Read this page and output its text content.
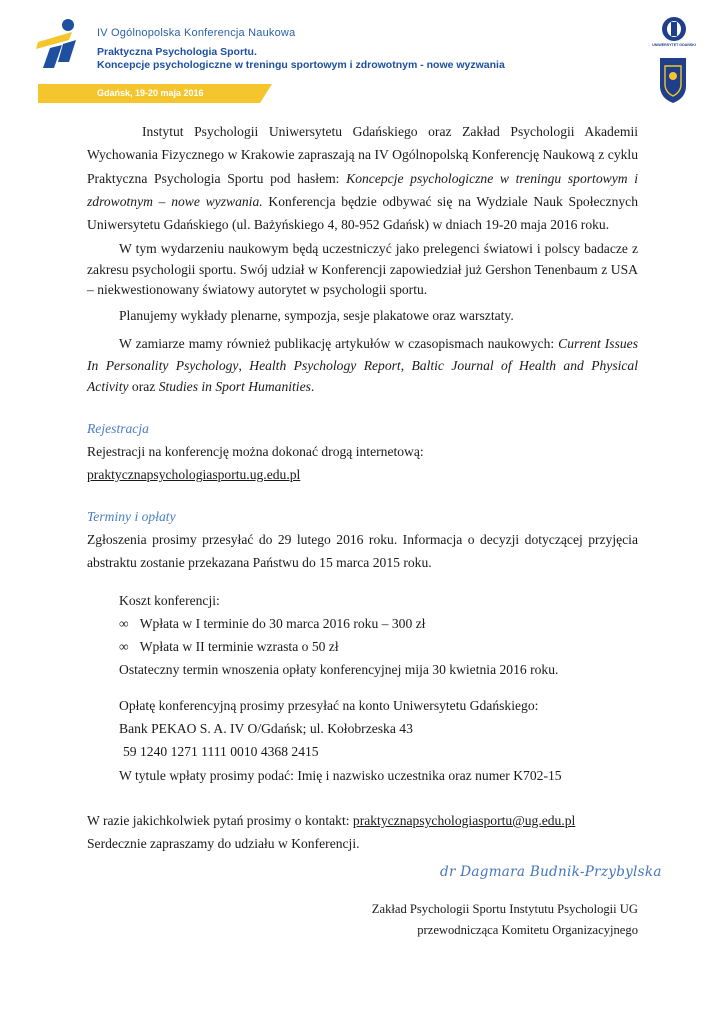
IV Ogólnopolska Konferencja Naukowa
Praktyczna Psychologia Sportu.
Koncepcje psychologiczne w treningu sportowym i zdrowotnym - nowe wyzwania
Gdańsk, 19-20 maja 2016
UNIWERSYTET GDAŃSKI

Instytut Psychologii Uniwersytetu Gdańskiego oraz Zakład Psychologii Akademii Wychowania Fizycznego w Krakowie zapraszają na IV Ogólnopolską Konferencję Naukową z cyklu Praktyczna Psychologia Sportu pod hasłem: Koncepcje psychologiczne w treningu sportowym i zdrowotnym – nowe wyzwania. Konferencja będzie odbywać się na Wydziale Nauk Społecznych Uniwersytetu Gdańskiego (ul. Bażyńskiego 4, 80-952 Gdańsk) w dniach 19-20 maja 2016 roku.

W tym wydarzeniu naukowym będą uczestniczyć jako prelegenci światowi i polscy badacze z zakresu psychologii sportu. Swój udział w Konferencji zapowiedział już Gershon Tenenbaum z USA – niekwestionowany światowy autorytet w psychologii sportu.

Planujemy wykłady plenarne, sympozja, sesje plakatowe oraz warsztaty.

W zamiarze mamy również publikację artykułów w czasopismach naukowych: Current Issues In Personality Psychology, Health Psychology Report, Baltic Journal of Health and Physical Activity oraz Studies in Sport Humanities.

Rejestracja

Rejestracji na konferencję można dokonać drogą internetową:

praktycznapsychologiasportu.ug.edu.pl

Terminy i opłaty

Zgłoszenia prosimy przesyłać do 29 lutego 2016 roku. Informacja o decyzji dotyczącej przyjęcia abstraktu zostanie przekazana Państwu do 15 marca 2015 roku.

Koszt konferencji:

∞ Wpłata w I terminie do 30 marca 2016 roku – 300 zł
∞ Wpłata w II terminie wzrasta o 50 zł

Ostateczny termin wnoszenia opłaty konferencyjnej mija 30 kwietnia 2016 roku.

Opłatę konferencyjną prosimy przesyłać na konto Uniwersytetu Gdańskiego:

Bank PEKAO S. A. IV O/Gdańsk; ul. Kołobrzeska 43

59 1240 1271 1111 0010 4368 2415

W tytule wpłaty prosimy podać: Imię i nazwisko uczestnika oraz numer K702-15

W razie jakichkolwiek pytań prosimy o kontakt: praktycznapsychologiasportu@ug.edu.pl

Serdecznie zapraszamy do udziału w Konferencji.

dr Dagmara Budnik-Przybylska
Zakład Psychologii Sportu Instytutu Psychologii UG
przewodnicząca Komitetu Organizacyjnego
